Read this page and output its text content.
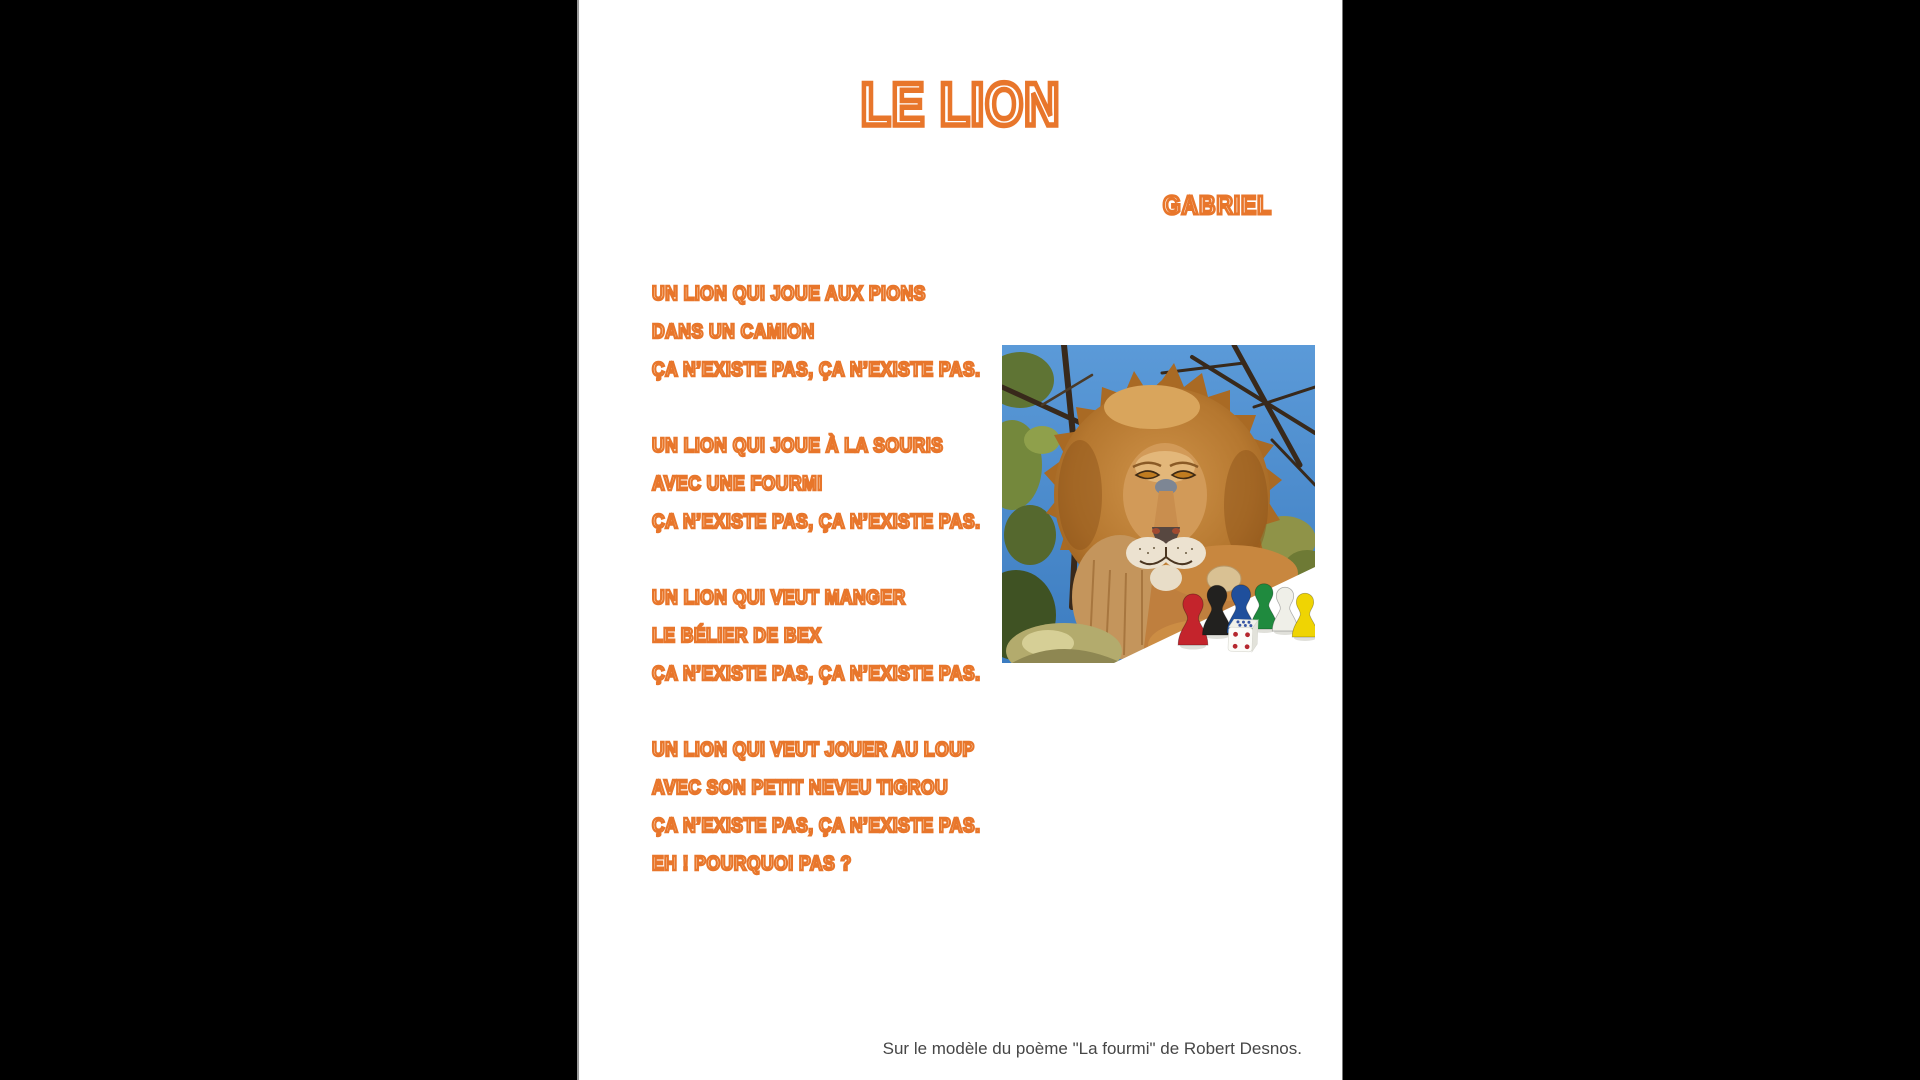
LE LION
GABRIEL
UN LION QUI JOUE AUX PIONS
DANS UN CAMION
ÇA N’EXISTE PAS, ÇA N’EXISTE PAS.
UN LION QUI JOUE À LA SOURIS
AVEC UNE FOURMI
ÇA N’EXISTE PAS, ÇA N’EXISTE PAS.
UN LION QUI VEUT MANGER
LE BÉLIER DE BEX
ÇA N’EXISTE PAS, ÇA N’EXISTE PAS.
UN LION QUI VEUT JOUER AU LOUP
AVEC SON PETIT NEVEU TIGROU
ÇA N’EXISTE PAS, ÇA N’EXISTE PAS.
EH ! POURQUOI PAS ?
Sur le modèle du poème "La fourmi" de Robert Desnos.
